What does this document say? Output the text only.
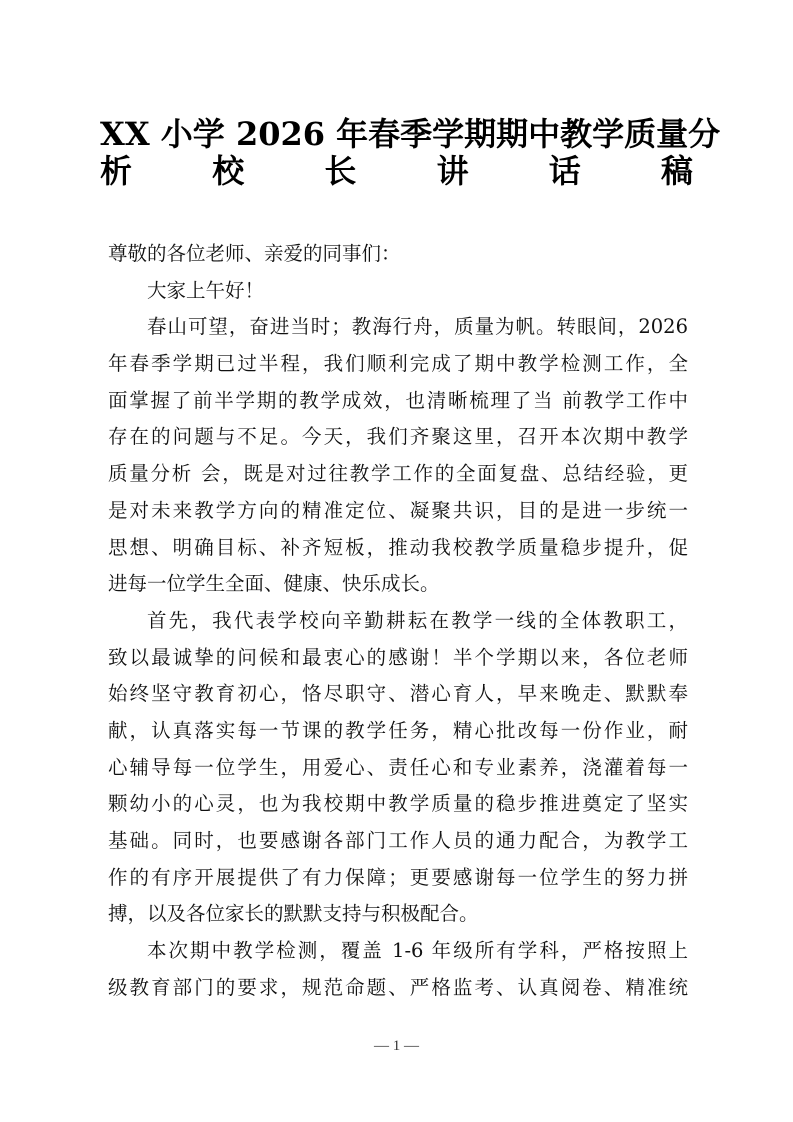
XX 小学 2026 年春季学期期中教学质量分
析校长讲话稿
尊敬的各位老师、亲爱的同事们：
大家上午好！
春山可望，奋进当时；教海行舟，质量为帆。转眼间，2026
年春季学期已过半程，我们顺利完成了期中教学检测工作，全
面掌握了前半学期的教学成效，也清晰梳理了当 前教学工作中
存在的问题与不足。今天，我们齐聚这里，召开本次期中教学
质量分析 会，既是对过往教学工作的全面复盘、总结经验，更
是对未来教学方向的精准定位、凝聚共识，目的是进一步统一
思想、明确目标、补齐短板，推动我校教学质量稳步提升，促
进每一位学生全面、健康、快乐成长。
首先，我代表学校向辛勤耕耘在教学一线的全体教职工，
致以最诚挚的问候和最衷心的感谢！半个学期以来，各位老师
始终坚守教育初心，恪尽职守、潜心育人，早来晚走、默默奉
献，认真落实每一节课的教学任务，精心批改每一份作业，耐
心辅导每一位学生，用爱心、责任心和专业素养，浇灌着每一
颗幼小的心灵，也为我校期中教学质量的稳步推进奠定了坚实
基础。同时，也要感谢各部门工作人员的通力配合，为教学工
作的有序开展提供了有力保障；更要感谢每一位学生的努力拼
搏，以及各位家长的默默支持与积极配合。
本次期中教学检测，覆盖 1-6 年级所有学科，严格按照上
级教育部门的要求，规范命题、严格监考、认真阅卷、精准统
— 1 —
